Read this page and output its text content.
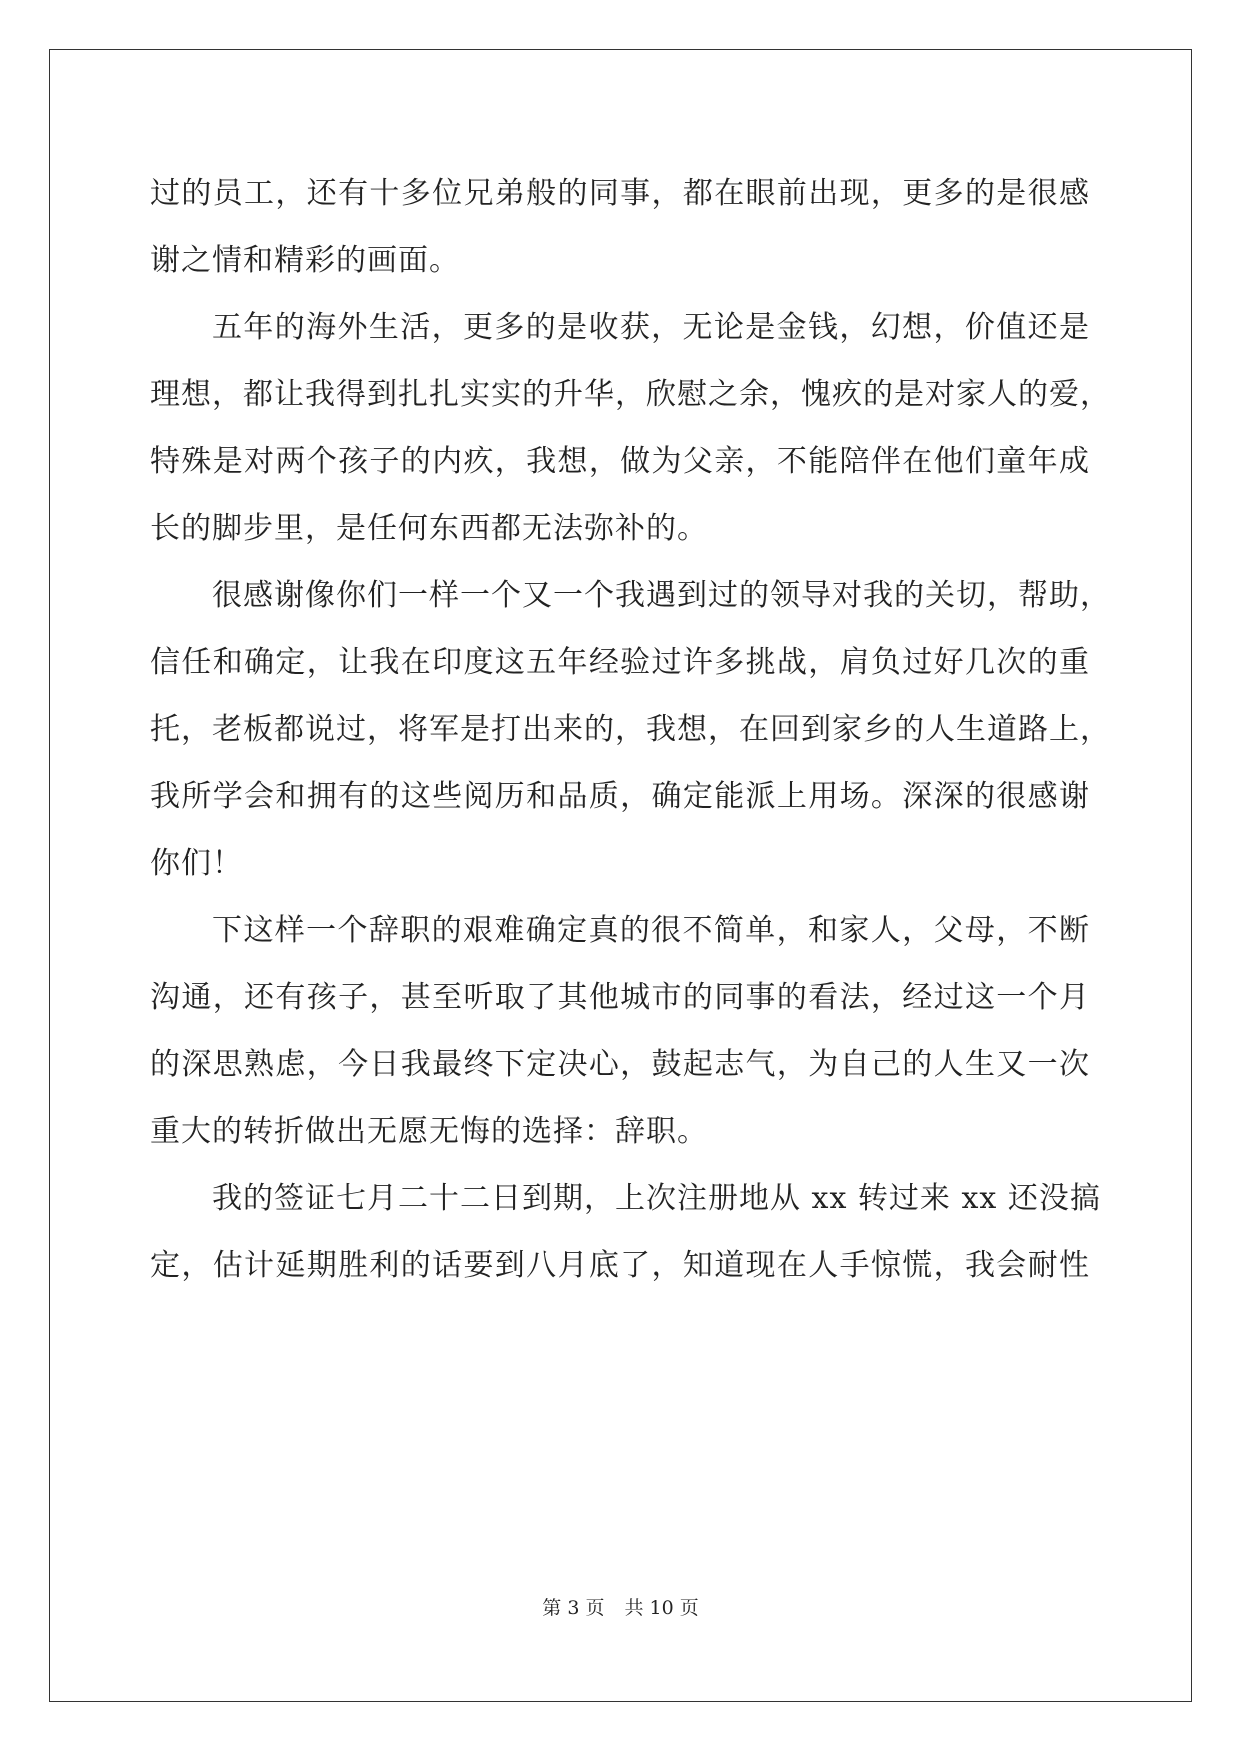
过的员工，还有十多位兄弟般的同事，都在眼前出现，更多的是很感
谢之情和精彩的画面。
五年的海外生活，更多的是收获，无论是金钱，幻想，价值还是
理想，都让我得到扎扎实实的升华，欣慰之余，愧疚的是对家人的爱，
特殊是对两个孩子的内疚，我想，做为父亲，不能陪伴在他们童年成
长的脚步里，是任何东西都无法弥补的。
很感谢像你们一样一个又一个我遇到过的领导对我的关切，帮助，
信任和确定，让我在印度这五年经验过许多挑战，肩负过好几次的重
托，老板都说过，将军是打出来的，我想，在回到家乡的人生道路上，
我所学会和拥有的这些阅历和品质，确定能派上用场。深深的很感谢
你们！
下这样一个辞职的艰难确定真的很不简单，和家人，父母，不断
沟通，还有孩子，甚至听取了其他城市的同事的看法，经过这一个月
的深思熟虑，今日我最终下定决心，鼓起志气，为自己的人生又一次
重大的转折做出无愿无悔的选择：辞职。
我的签证七月二十二日到期，上次注册地从 xx 转过来 xx 还没搞
定，估计延期胜利的话要到八月底了，知道现在人手惊慌，我会耐性
第 3 页 共 10 页
